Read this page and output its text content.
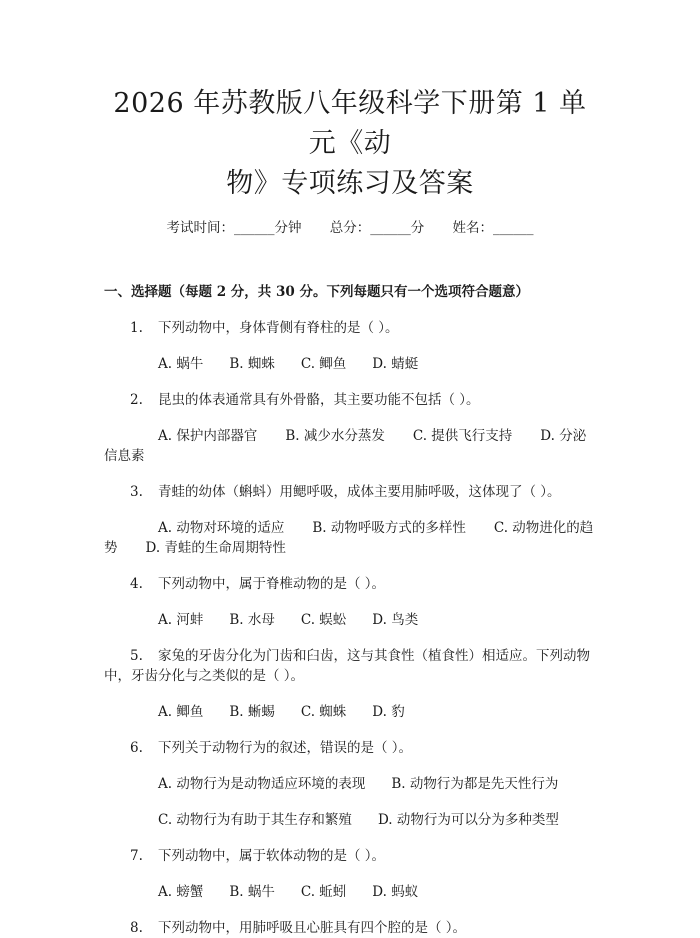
2026 年苏教版八年级科学下册第 1 单元《动
物》专项练习及答案
考试时间：______分钟 总分：______分 姓名：______
一、选择题（每题 2 分，共 30 分。下列每题只有一个选项符合题意）
1. 下列动物中，身体背侧有脊柱的是（ ）。
A. 蜗牛 B. 蜘蛛 C. 鲫鱼 D. 蜻蜓
2. 昆虫的体表通常具有外骨骼，其主要功能不包括（ ）。
A. 保护内部器官 B. 减少水分蒸发 C. 提供飞行支持 D. 分泌信息素
3. 青蛙的幼体（蝌蚪）用鳃呼吸，成体主要用肺呼吸，这体现了（ ）。
A. 动物对环境的适应 B. 动物呼吸方式的多样性 C. 动物进化的趋势 D. 青蛙的生命周期特性
4. 下列动物中，属于脊椎动物的是（ ）。
A. 河蚌 B. 水母 C. 蜈蚣 D. 鸟类
5. 家兔的牙齿分化为门齿和臼齿，这与其食性（植食性）相适应。下列动物中，牙齿分化与之类似的是（ ）。
A. 鲫鱼 B. 蜥蜴 C. 蜘蛛 D. 豹
6. 下列关于动物行为的叙述，错误的是（ ）。
A. 动物行为是动物适应环境的表现 B. 动物行为都是先天性行为
C. 动物行为有助于其生存和繁殖 D. 动物行为可以分为多种类型
7. 下列动物中，属于软体动物的是（ ）。
A. 螃蟹 B. 蜗牛 C. 蚯蚓 D. 蚂蚁
8. 下列动物中，用肺呼吸且心脏具有四个腔的是（ ）。
